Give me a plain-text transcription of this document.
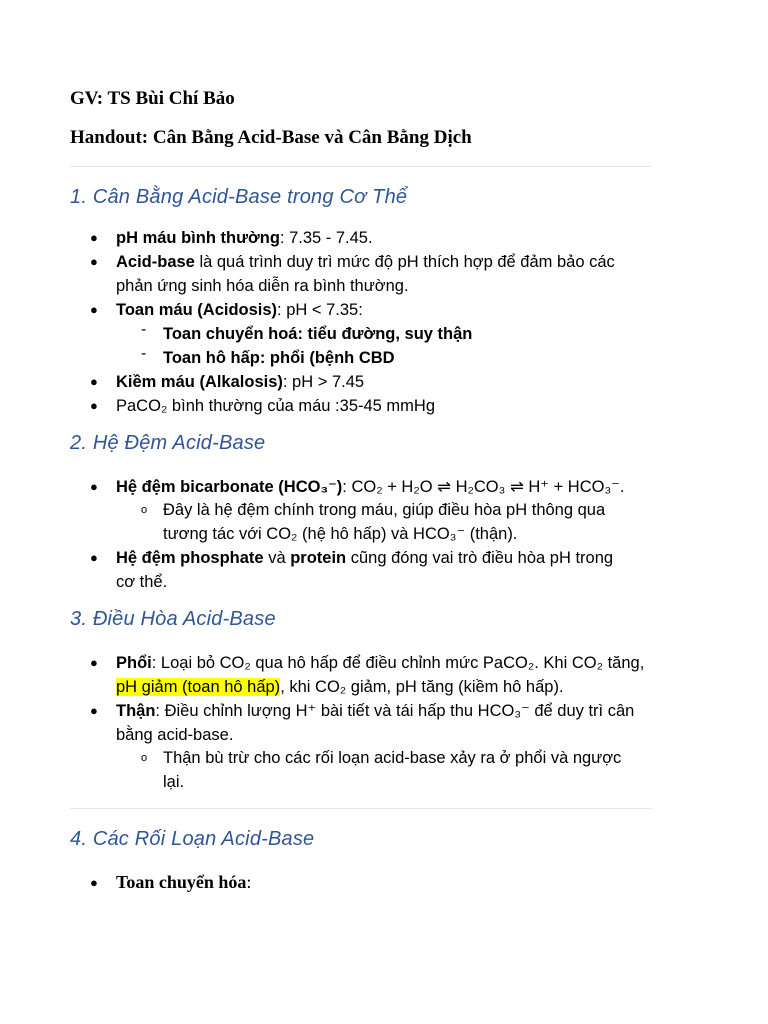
GV: TS Bùi Chí Bảo
Handout: Cân Bằng Acid-Base và Cân Bằng Dịch
1. Cân Bằng Acid-Base trong Cơ Thể
● pH máu bình thường: 7.35 - 7.45.
● Acid-base là quá trình duy trì mức độ pH thích hợp để đảm bảo các
phản ứng sinh hóa diễn ra bình thường.
● Toan máu (Acidosis): pH < 7.35:
- Toan chuyển hoá: tiểu đường, suy thận
- Toan hô hấp: phổi (bệnh CBD
● Kiềm máu (Alkalosis): pH > 7.45
● PaCO₂ bình thường của máu :35-45 mmHg
2. Hệ Đệm Acid-Base
● Hệ đệm bicarbonate (HCO₃⁻): CO₂ + H₂O ⇌ H₂CO₃ ⇌ H⁺ + HCO₃⁻.
o Đây là hệ đệm chính trong máu, giúp điều hòa pH thông qua
tương tác với CO₂ (hệ hô hấp) và HCO₃⁻ (thận).
● Hệ đệm phosphate và protein cũng đóng vai trò điều hòa pH trong
cơ thể.
3. Điều Hòa Acid-Base
● Phổi: Loại bỏ CO₂ qua hô hấp để điều chỉnh mức PaCO₂. Khi CO₂ tăng,
pH giảm (toan hô hấp), khi CO₂ giảm, pH tăng (kiềm hô hấp).
● Thận: Điều chỉnh lượng H⁺ bài tiết và tái hấp thu HCO₃⁻ để duy trì cân
bằng acid-base.
o Thận bù trừ cho các rối loạn acid-base xảy ra ở phổi và ngược
lại.
4. Các Rối Loạn Acid-Base
● Toan chuyển hóa:
